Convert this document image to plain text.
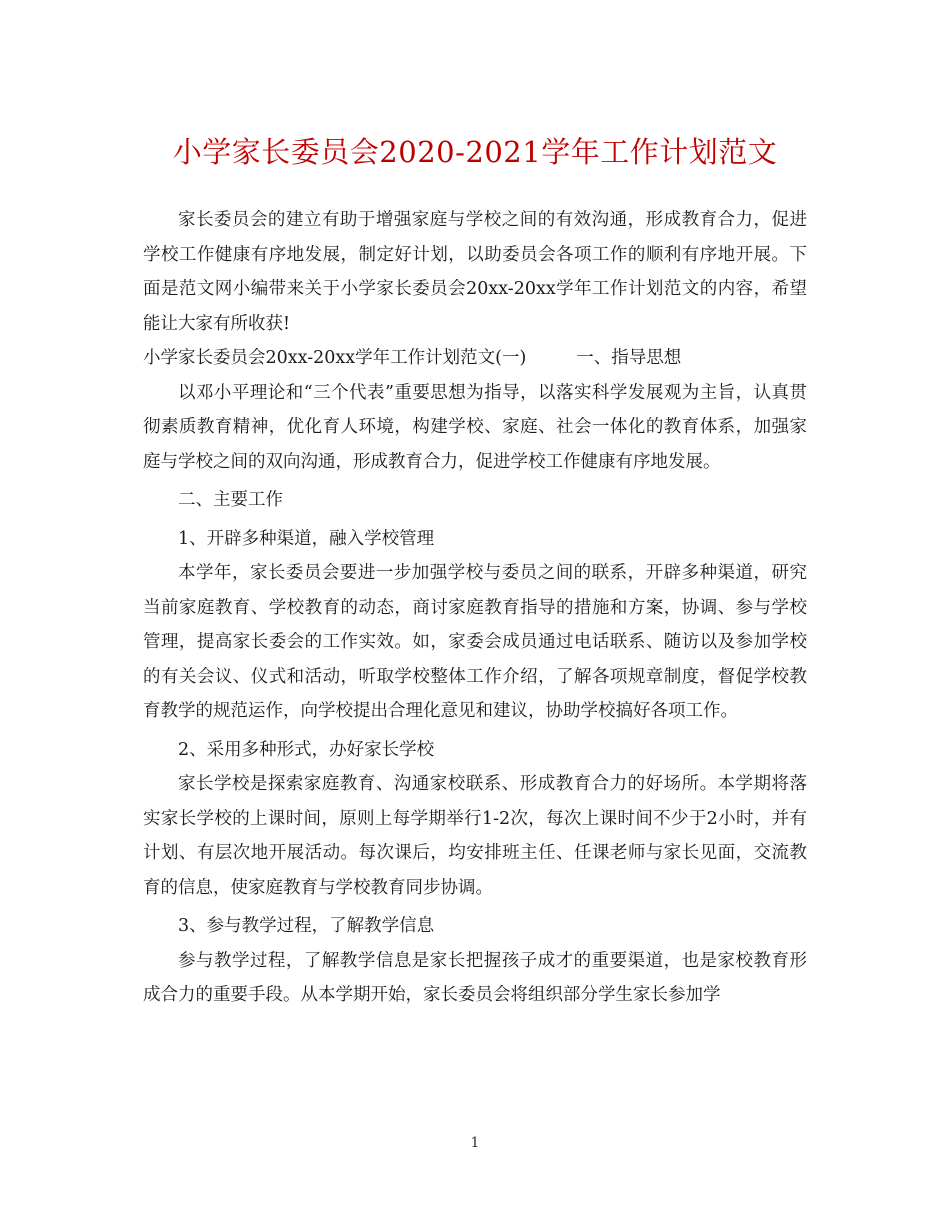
小学家长委员会2020-2021学年工作计划范文

家长委员会的建立有助于增强家庭与学校之间的有效沟通，形成教育合力，促进学校工作健康有序地发展，制定好计划，以助委员会各项工作的顺利有序地开展。下面是范文网小编带来关于小学家长委员会20xx-20xx学年工作计划范文的内容，希望能让大家有所收获!

小学家长委员会20xx-20xx学年工作计划范文(一)	一、指导思想

以邓小平理论和“三个代表”重要思想为指导，以落实科学发展观为主旨，认真贯彻素质教育精神，优化育人环境，构建学校、家庭、社会一体化的教育体系，加强家庭与学校之间的双向沟通，形成教育合力，促进学校工作健康有序地发展。

二、主要工作

1、开辟多种渠道，融入学校管理

本学年，家长委员会要进一步加强学校与委员之间的联系，开辟多种渠道，研究当前家庭教育、学校教育的动态，商讨家庭教育指导的措施和方案，协调、参与学校管理，提高家长委会的工作实效。如，家委会成员通过电话联系、随访以及参加学校的有关会议、仪式和活动，听取学校整体工作介绍，了解各项规章制度，督促学校教育教学的规范运作，向学校提出合理化意见和建议，协助学校搞好各项工作。

2、采用多种形式，办好家长学校

家长学校是探索家庭教育、沟通家校联系、形成教育合力的好场所。本学期将落实家长学校的上课时间，原则上每学期举行1-2次，每次上课时间不少于2小时，并有计划、有层次地开展活动。每次课后，均安排班主任、任课老师与家长见面，交流教育的信息，使家庭教育与学校教育同步协调。

3、参与教学过程，了解教学信息

参与教学过程，了解教学信息是家长把握孩子成才的重要渠道，也是家校教育形成合力的重要手段。从本学期开始，家长委员会将组织部分学生家长参加学

1
